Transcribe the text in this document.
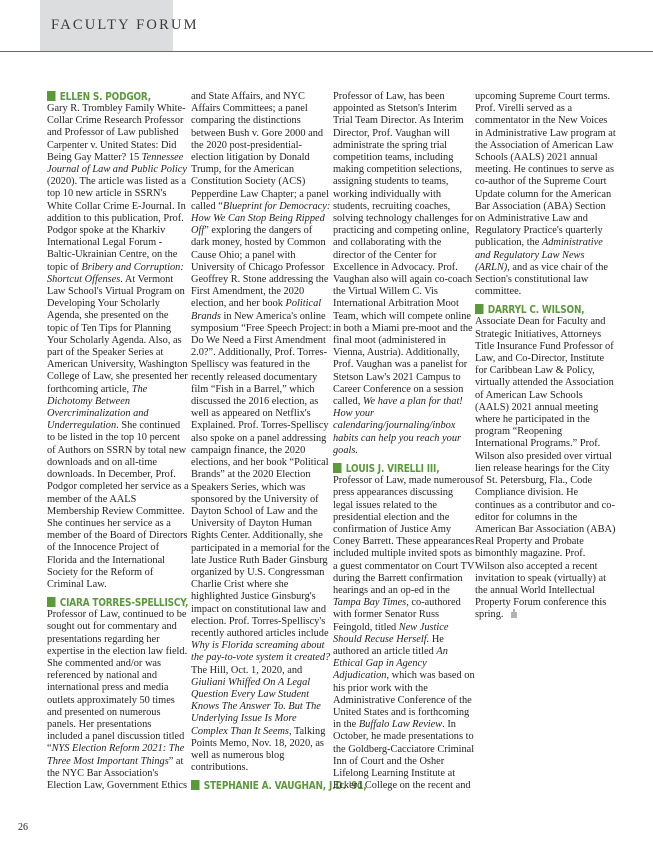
FACULTY FORUM
ELLEN S. PODGOR,

Gary R. Trombley Family White-Collar Crime Research Professor and Professor of Law published Carpenter v. United States: Did Being Gay Matter? 15 Tennessee Journal of Law and Public Policy (2020). The article was listed as a top 10 new article in SSRN's White Collar Crime E-Journal. In addition to this publication, Prof. Podgor spoke at the Kharkiv International Legal Forum - Baltic-Ukrainian Centre, on the topic of Bribery and Corruption: Shortcut Offenses. At Vermont Law School's Virtual Program on Developing Your Scholarly Agenda, she presented on the topic of Ten Tips for Planning Your Scholarly Agenda. Also, as part of the Speaker Series at American University, Washington College of Law, she presented her forthcoming article, The Dichotomy Between Overcriminalization and Underregulation. She continued to be listed in the top 10 percent of Authors on SSRN by total new downloads and on all-time downloads. In December, Prof. Podgor completed her service as a member of the AALS Membership Review Committee. She continues her service as a member of the Board of Directors of the Innocence Project of Florida and the International Society for the Reform of Criminal Law.

CIARA TORRES-SPELLISCY,

Professor of Law, continued to be sought out for commentary and presentations regarding her expertise in the election law field. She commented and/or was referenced by national and international press and media outlets approximately 50 times and presented on numerous panels. Her presentations included a panel discussion titled “NYS Election Reform 2021: The Three Most Important Things” at the NYC Bar Association's Election Law, Government Ethics

and State Affairs, and NYC Affairs Committees; a panel comparing the distinctions between Bush v. Gore 2000 and the 2020 post-presidential-election litigation by Donald Trump, for the American Constitution Society (ACS) Pepperdine Law Chapter; a panel called “Blueprint for Democracy: How We Can Stop Being Ripped Off” exploring the dangers of dark money, hosted by Common Cause Ohio; a panel with University of Chicago Professor Geoffrey R. Stone addressing the First Amendment, the 2020 election, and her book Political Brands in New America's online symposium “Free Speech Project: Do We Need a First Amendment 2.0?”. Additionally, Prof. Torres-Spelliscy was featured in the recently released documentary film “Fish in a Barrel,” which discussed the 2016 election, as well as appeared on Netflix's Explained. Prof. Torres-Spelliscy also spoke on a panel addressing campaign finance, the 2020 elections, and her book “Political Brands” at the 2020 Election Speakers Series, which was sponsored by the University of Dayton School of Law and the University of Dayton Human Rights Center. Additionally, she participated in a memorial for the late Justice Ruth Bader Ginsburg organized by U.S. Congressman Charlie Crist where she highlighted Justice Ginsburg's impact on constitutional law and election. Prof. Torres-Spelliscy's recently authored articles include Why is Florida screaming about the pay-to-vote system it created? The Hill, Oct. 1, 2020, and Giuliani Whiffed On A Legal Question Every Law Student Knows The Answer To. But The Underlying Issue Is More Complex Than It Seems, Talking Points Memo, Nov. 18, 2020, as well as numerous blog contributions.

STEPHANIE A. VAUGHAN, J.D. '91,

Professor of Law, has been appointed as Stetson's Interim Trial Team Director. As Interim Director, Prof. Vaughan will administrate the spring trial competition teams, including making competition selections, assigning students to teams, working individually with students, recruiting coaches, solving technology challenges for practicing and competing online, and collaborating with the director of the Center for Excellence in Advocacy. Prof. Vaughan also will again co-coach the Virtual Willem C. Vis International Arbitration Moot Team, which will compete online in both a Miami pre-moot and the final moot (administered in Vienna, Austria). Additionally, Prof. Vaughan was a panelist for Stetson Law's 2021 Campus to Career Conference on a session called, We have a plan for that! How your calendaring/journaling/inbox habits can help you reach your goals.

LOUIS J. VIRELLI III,

Professor of Law, made numerous press appearances discussing legal issues related to the presidential election and the confirmation of Justice Amy Coney Barrett. These appearances included multiple invited spots as a guest commentator on Court TV during the Barrett confirmation hearings and an op-ed in the Tampa Bay Times, co-authored with former Senator Russ Feingold, titled New Justice Should Recuse Herself. He authored an article titled An Ethical Gap in Agency Adjudication, which was based on his prior work with the Administrative Conference of the United States and is forthcoming in the Buffalo Law Review. In October, he made presentations to the Goldberg-Cacciatore Criminal Inn of Court and the Osher Lifelong Learning Institute at Eckerd College on the recent and

upcoming Supreme Court terms. Prof. Virelli served as a commentator in the New Voices in Administrative Law program at the Association of American Law Schools (AALS) 2021 annual meeting. He continues to serve as co-author of the Supreme Court Update column for the American Bar Association (ABA) Section on Administrative Law and Regulatory Practice's quarterly publication, the Administrative and Regulatory Law News (ARLN), and as vice chair of the Section's constitutional law committee.

DARRYL C. WILSON,

Associate Dean for Faculty and Strategic Initiatives, Attorneys Title Insurance Fund Professor of Law, and Co-Director, Institute for Caribbean Law & Policy, virtually attended the Association of American Law Schools (AALS) 2021 annual meeting where he participated in the program “Reopening International Programs.” Prof. Wilson also presided over virtual lien release hearings for the City of St. Petersburg, Fla., Code Compliance division. He continues as a contributor and co-editor for columns in the American Bar Association (ABA) Real Property and Probate bimonthly magazine. Prof. Wilson also accepted a recent invitation to speak (virtually) at the annual World Intellectual Property Forum conference this spring.

26
